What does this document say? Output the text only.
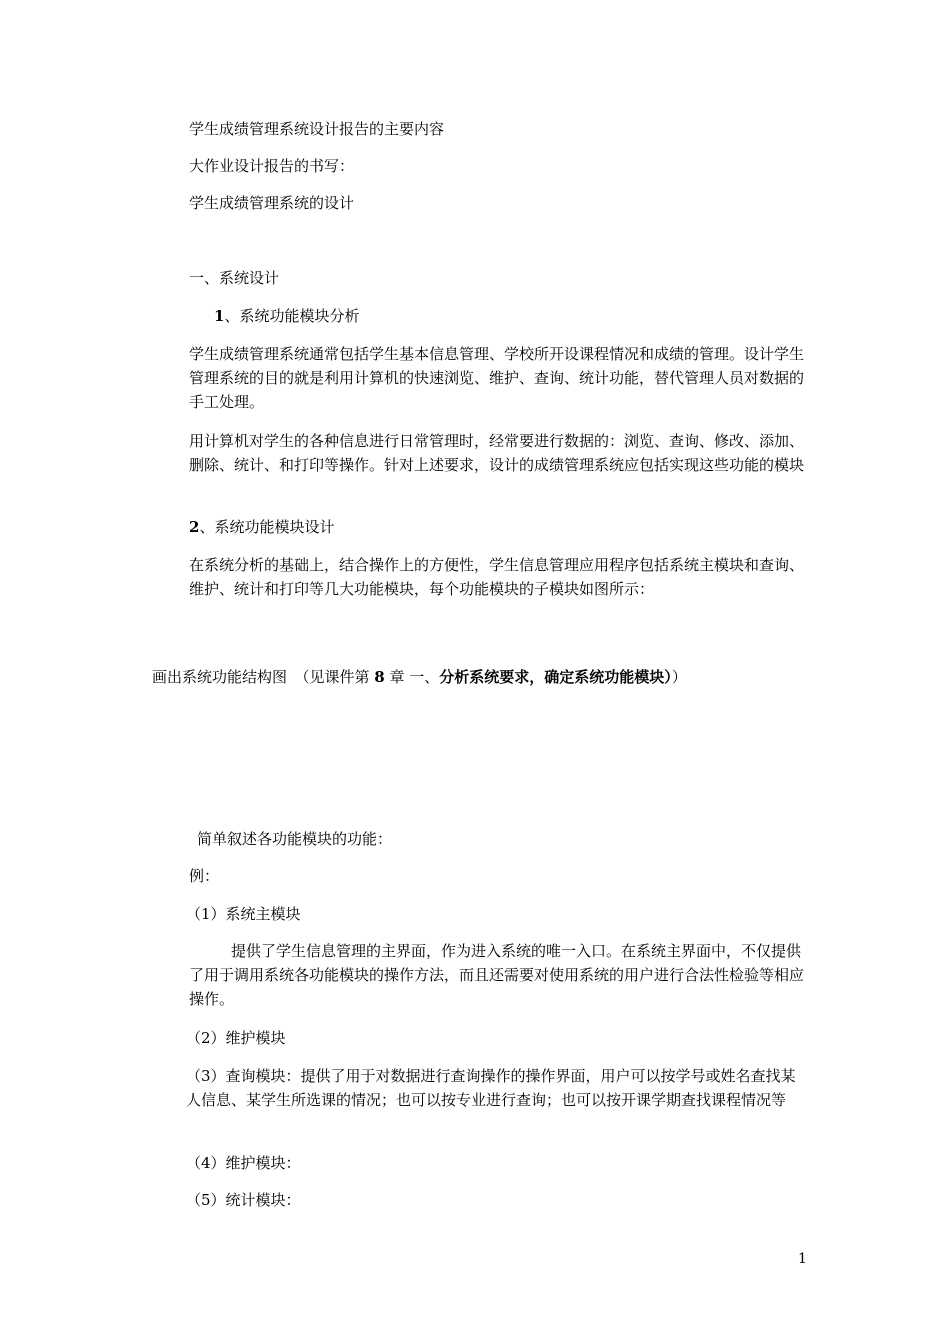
学生成绩管理系统设计报告的主要内容
大作业设计报告的书写：
学生成绩管理系统的设计
一、系统设计
1、系统功能模块分析
学生成绩管理系统通常包括学生基本信息管理、学校所开设课程情况和成绩的管理。设计学生管理系统的目的就是利用计算机的快速浏览、维护、查询、统计功能，替代管理人员对数据的手工处理。
用计算机对学生的各种信息进行日常管理时，经常要进行数据的：浏览、查询、修改、添加、删除、统计、和打印等操作。针对上述要求，设计的成绩管理系统应包括实现这些功能的模块
2、系统功能模块设计
在系统分析的基础上，结合操作上的方便性，学生信息管理应用程序包括系统主模块和查询、维护、统计和打印等几大功能模块，每个功能模块的子模块如图所示：
画出系统功能结构图　（见课件第 8 章 一、分析系统要求，确定系统功能模块））
简单叙述各功能模块的功能：
例：
（1）系统主模块
提供了学生信息管理的主界面，作为进入系统的唯一入口。在系统主界面中，不仅提供了用于调用系统各功能模块的操作方法，而且还需要对使用系统的用户进行合法性检验等相应操作。
（2）维护模块
（3）查询模块：提供了用于对数据进行查询操作的操作界面，用户可以按学号或姓名查找某人信息、某学生所选课的情况；也可以按专业进行查询；也可以按开课学期查找课程情况等
（4）维护模块：
（5）统计模块：
1
